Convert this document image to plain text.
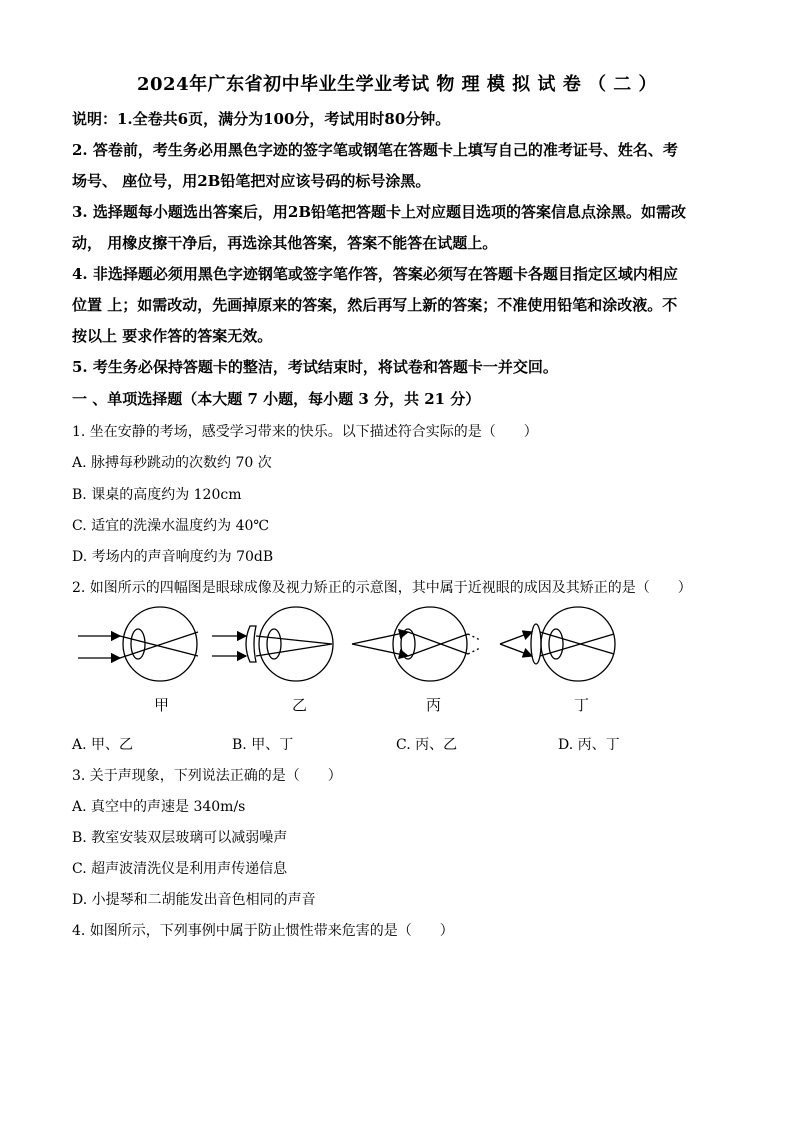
2024年广东省初中毕业生学业考试 物 理 模 拟 试 卷 （ 二 ）
说明：1.全卷共6页，满分为100分，考试用时80分钟。
2. 答卷前，考生务必用黑色字迹的签字笔或钢笔在答题卡上填写自己的准考证号、姓名、考
场号、 座位号，用2B铅笔把对应该号码的标号涂黑。
3. 选择题每小题选出答案后，用2B铅笔把答题卡上对应题目选项的答案信息点涂黑。如需改
动， 用橡皮擦干净后，再选涂其他答案，答案不能答在试题上。
4. 非选择题必须用黑色字迹钢笔或签字笔作答，答案必须写在答题卡各题目指定区域内相应
位置 上；如需改动，先画掉原来的答案，然后再写上新的答案；不准使用铅笔和涂改液。不
按以上 要求作答的答案无效。
5. 考生务必保持答题卡的整洁，考试结束时，将试卷和答题卡一并交回。
一 、单项选择题（本大题 7 小题，每小题 3 分，共 21 分）
1. 坐在安静的考场，感受学习带来的快乐。以下描述符合实际的是（　　）
A. 脉搏每秒跳动的次数约 70 次
B. 课桌的高度约为 120cm
C. 适宜的洗澡水温度约为 40℃
D. 考场内的声音响度约为 70dB
2. 如图所示的四幅图是眼球成像及视力矫正的示意图，其中属于近视眼的成因及其矫正的是（　　）
甲	乙	丙	丁
A. 甲、乙	B. 甲、丁	C. 丙、乙	D. 丙、丁
3. 关于声现象，下列说法正确的是（　　）
A. 真空中的声速是 340m/s
B. 教室安装双层玻璃可以减弱噪声
C. 超声波清洗仪是利用声传递信息
D. 小提琴和二胡能发出音色相同的声音
4. 如图所示，下列事例中属于防止惯性带来危害的是（　　）
